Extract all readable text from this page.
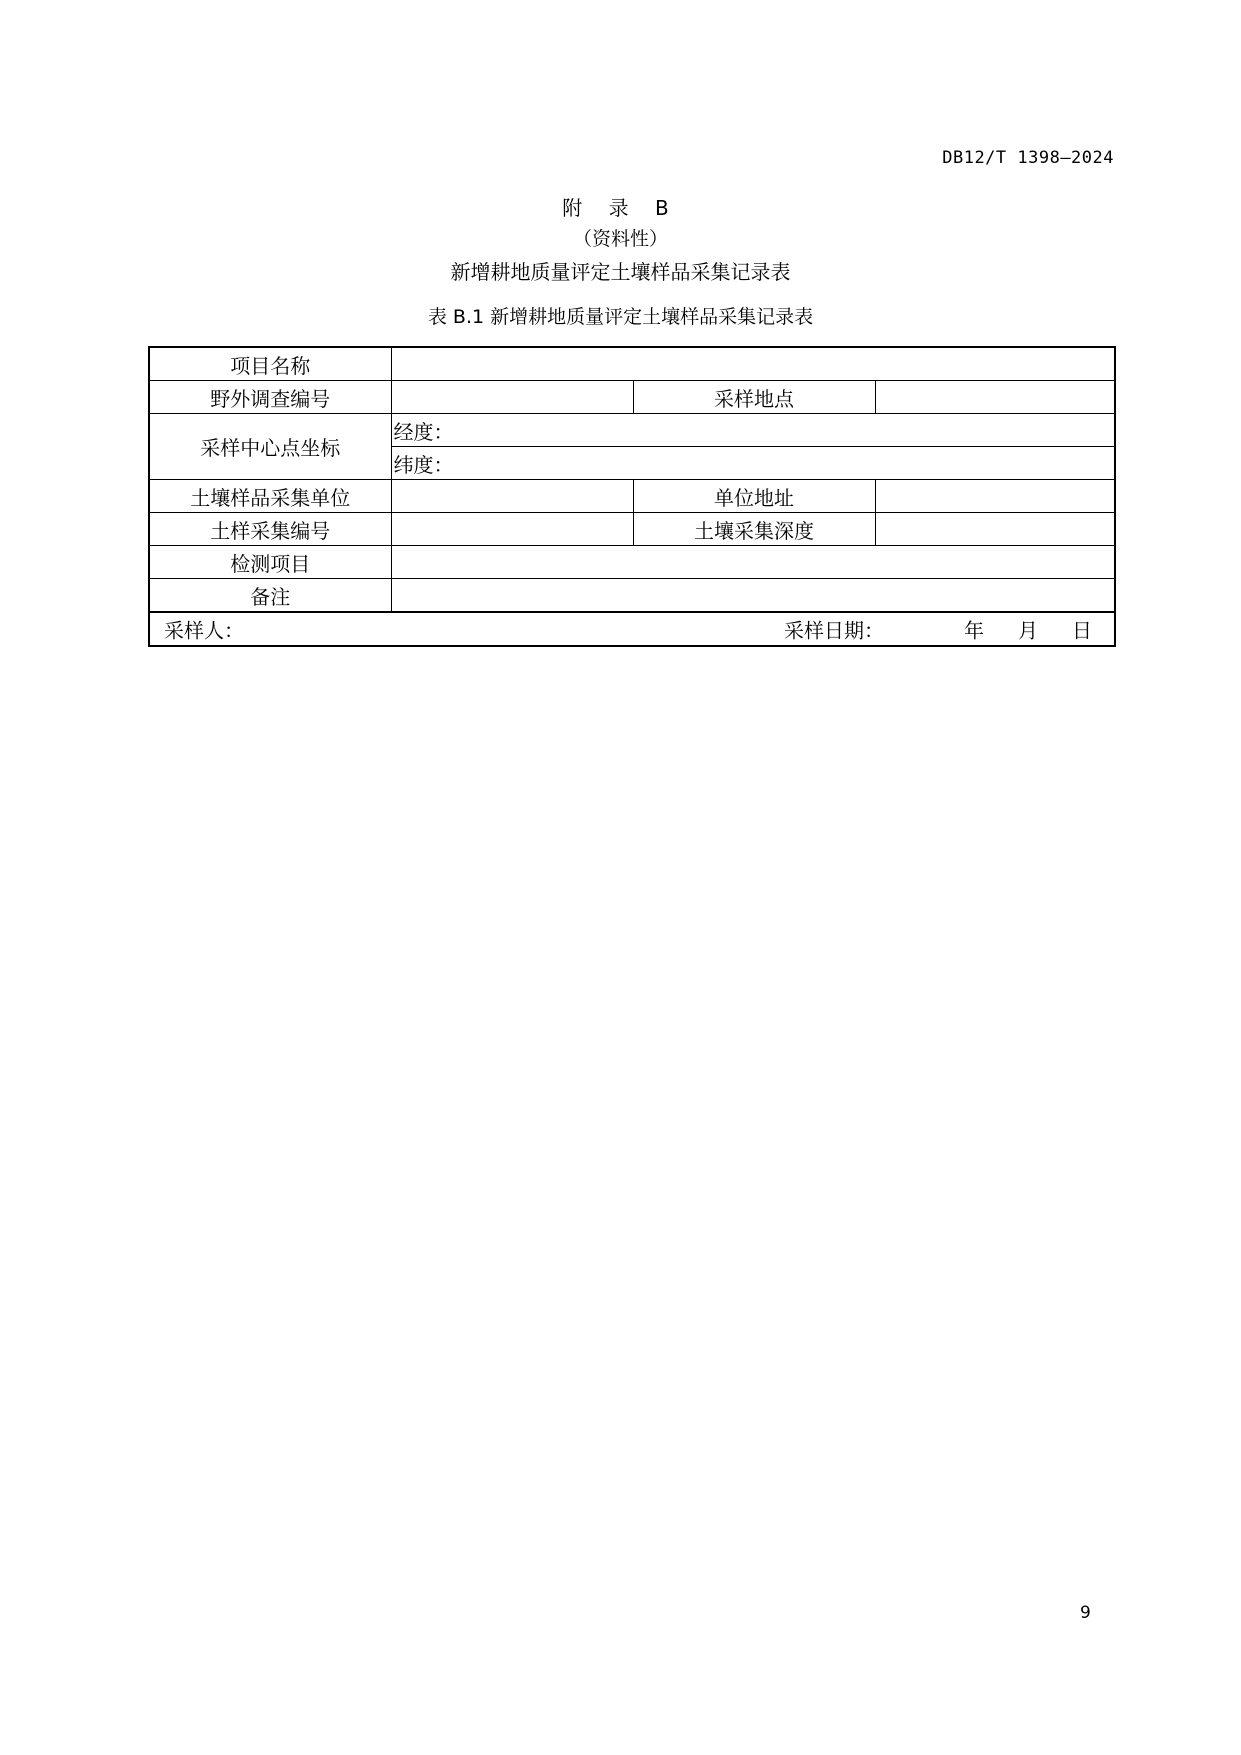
DB12/T 1398—2024
附 录 B
（资料性）
新增耕地质量评定土壤样品采集记录表
表 B.1 新增耕地质量评定土壤样品采集记录表
项目名称			
野外调查编号		采样地点	
采样中心点坐标	经度：		
	纬度：		
土壤样品采集单位		单位地址	
土样采集编号		土壤采集深度	
检测项目			
备注			

采样人： 采样日期： 年 月 日			
9
